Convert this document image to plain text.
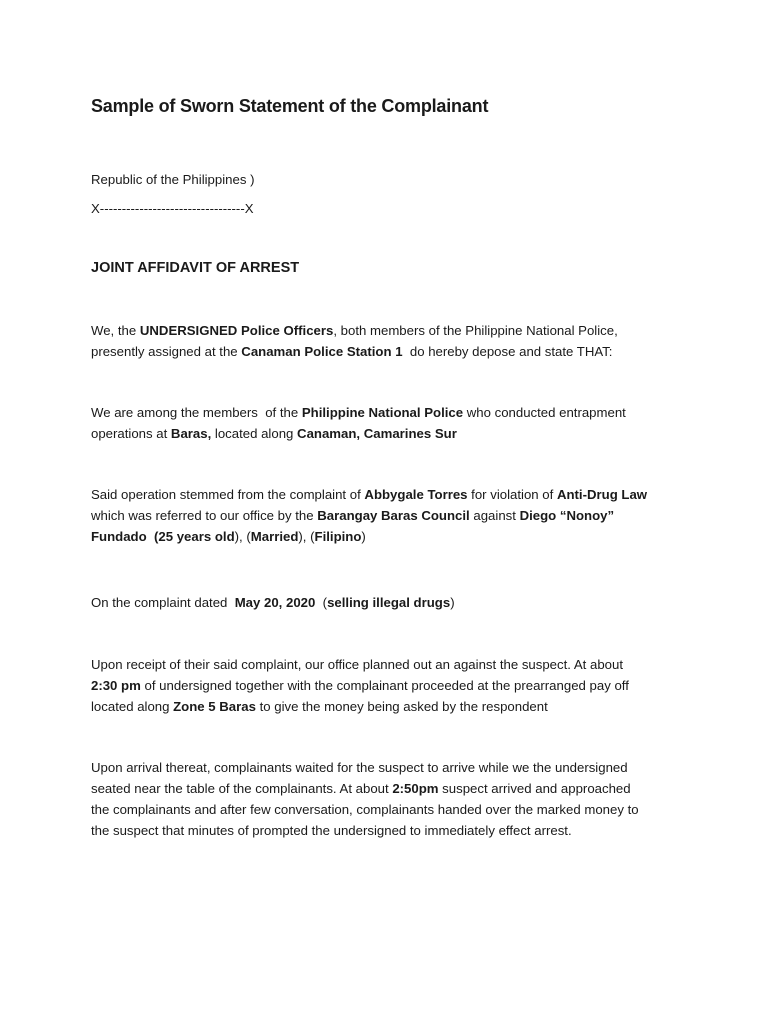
Sample of Sworn Statement of the Complainant
Republic of the Philippines )
X---------------------------------X
JOINT AFFIDAVIT OF ARREST
We, the UNDERSIGNED Police Officers, both members of the Philippine National Police,
presently assigned at the Canaman Police Station 1  do hereby depose and state THAT:
We are among the members  of the Philippine National Police who conducted entrapment
operations at Baras, located along Canaman, Camarines Sur
Said operation stemmed from the complaint of Abbygale Torres for violation of Anti-Drug Law
which was referred to our office by the Barangay Baras Council against Diego “Nonoy”
Fundado  (25 years old), (Married), (Filipino)
On the complaint dated  May 20, 2020  (selling illegal drugs)
Upon receipt of their said complaint, our office planned out an against the suspect. At about
2:30 pm of undersigned together with the complainant proceeded at the prearranged pay off
located along Zone 5 Baras to give the money being asked by the respondent
Upon arrival thereat, complainants waited for the suspect to arrive while we the undersigned
seated near the table of the complainants. At about 2:50pm suspect arrived and approached
the complainants and after few conversation, complainants handed over the marked money to
the suspect that minutes of prompted the undersigned to immediately effect arrest.
